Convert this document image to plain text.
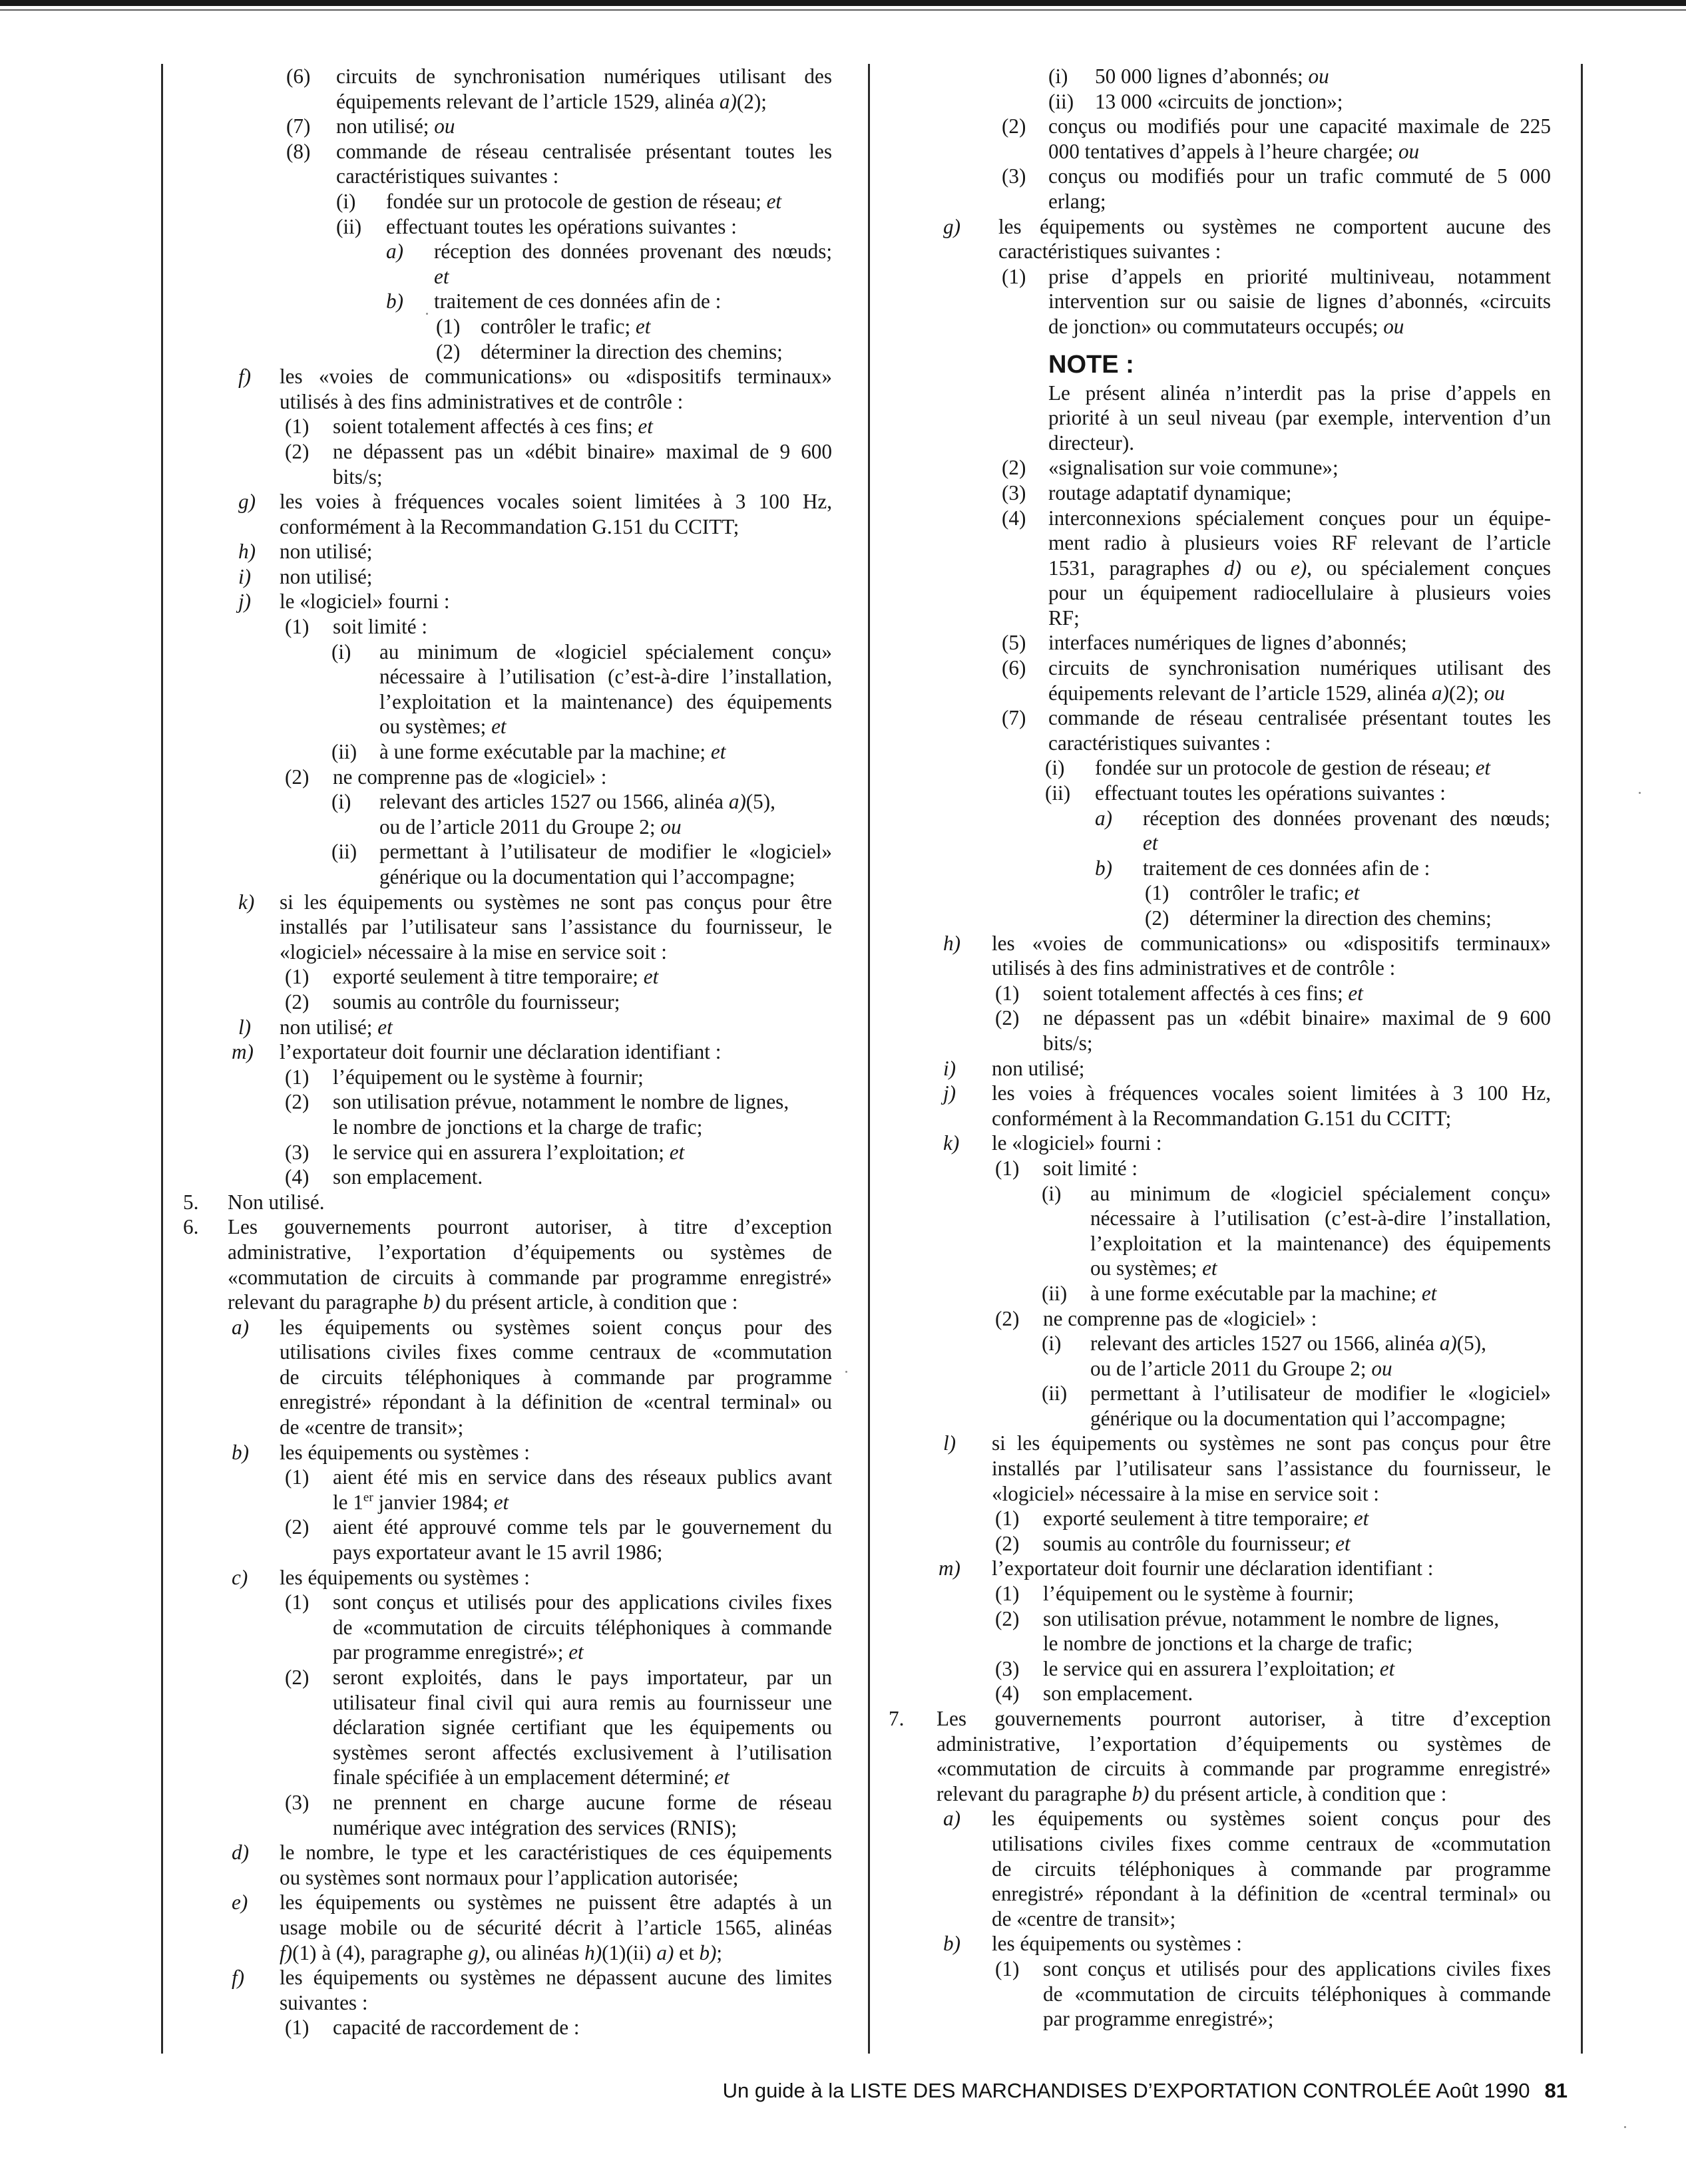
(6) circuits de synchronisation numériques utilisant des
équipements relevant de l’article 1529, alinéa a)(2);
(7) non utilisé; ou
(8) commande de réseau centralisée présentant toutes les
caractéristiques suivantes :
(i) fondée sur un protocole de gestion de réseau; et
(ii) effectuant toutes les opérations suivantes :
a) réception des données provenant des nœuds;
et
b) traitement de ces données afin de :
(1) contrôler le trafic; et
(2) déterminer la direction des chemins;
f) les «voies de communications» ou «dispositifs terminaux»
utilisés à des fins administratives et de contrôle :
(1) soient totalement affectés à ces fins; et
(2) ne dépassent pas un «débit binaire» maximal de 9 600
bits/s;
g) les voies à fréquences vocales soient limitées à 3 100 Hz,
conformément à la Recommandation G.151 du CCITT;
h) non utilisé;
i) non utilisé;
j) le «logiciel» fourni :
(1) soit limité :
(i) au minimum de «logiciel spécialement conçu»
nécessaire à l’utilisation (c’est-à-dire l’installation,
l’exploitation et la maintenance) des équipements
ou systèmes; et
(ii) à une forme exécutable par la machine; et
(2) ne comprenne pas de «logiciel» :
(i) relevant des articles 1527 ou 1566, alinéa a)(5),
ou de l’article 2011 du Groupe 2; ou
(ii) permettant à l’utilisateur de modifier le «logiciel»
générique ou la documentation qui l’accompagne;
k) si les équipements ou systèmes ne sont pas conçus pour être
installés par l’utilisateur sans l’assistance du fournisseur, le
«logiciel» nécessaire à la mise en service soit :
(1) exporté seulement à titre temporaire; et
(2) soumis au contrôle du fournisseur;
l) non utilisé; et
m) l’exportateur doit fournir une déclaration identifiant :
(1) l’équipement ou le système à fournir;
(2) son utilisation prévue, notamment le nombre de lignes,
le nombre de jonctions et la charge de trafic;
(3) le service qui en assurera l’exploitation; et
(4) son emplacement.
5. Non utilisé.
6. Les gouvernements pourront autoriser, à titre d’exception
administrative, l’exportation d’équipements ou systèmes de
«commutation de circuits à commande par programme enregistré»
relevant du paragraphe b) du présent article, à condition que :
a) les équipements ou systèmes soient conçus pour des
utilisations civiles fixes comme centraux de «commutation
de circuits téléphoniques à commande par programme
enregistré» répondant à la définition de «central terminal» ou
de «centre de transit»;
b) les équipements ou systèmes :
(1) aient été mis en service dans des réseaux publics avant
le 1er janvier 1984; et
(2) aient été approuvé comme tels par le gouvernement du
pays exportateur avant le 15 avril 1986;
c) les équipements ou systèmes :
(1) sont conçus et utilisés pour des applications civiles fixes
de «commutation de circuits téléphoniques à commande
par programme enregistré»; et
(2) seront exploités, dans le pays importateur, par un
utilisateur final civil qui aura remis au fournisseur une
déclaration signée certifiant que les équipements ou
systèmes seront affectés exclusivement à l’utilisation
finale spécifiée à un emplacement déterminé; et
(3) ne prennent en charge aucune forme de réseau
numérique avec intégration des services (RNIS);
d) le nombre, le type et les caractéristiques de ces équipements
ou systèmes sont normaux pour l’application autorisée;
e) les équipements ou systèmes ne puissent être adaptés à un
usage mobile ou de sécurité décrit à l’article 1565, alinéas
f)(1) à (4), paragraphe g), ou alinéas h)(1)(ii) a) et b);
f) les équipements ou systèmes ne dépassent aucune des limites
suivantes :
(1) capacité de raccordement de :
(i) 50 000 lignes d’abonnés; ou
(ii) 13 000 «circuits de jonction»;
(2) conçus ou modifiés pour une capacité maximale de 225
000 tentatives d’appels à l’heure chargée; ou
(3) conçus ou modifiés pour un trafic commuté de 5 000
erlang;
g) les équipements ou systèmes ne comportent aucune des
caractéristiques suivantes :
(1) prise d’appels en priorité multiniveau, notamment
intervention sur ou saisie de lignes d’abonnés, «circuits
de jonction» ou commutateurs occupés; ou
NOTE :
Le présent alinéa n’interdit pas la prise d’appels en
priorité à un seul niveau (par exemple, intervention d’un
directeur).
(2) «signalisation sur voie commune»;
(3) routage adaptatif dynamique;
(4) interconnexions spécialement conçues pour un équipe-
ment radio à plusieurs voies RF relevant de l’article
1531, paragraphes d) ou e), ou spécialement conçues
pour un équipement radiocellulaire à plusieurs voies
RF;
(5) interfaces numériques de lignes d’abonnés;
(6) circuits de synchronisation numériques utilisant des
équipements relevant de l’article 1529, alinéa a)(2); ou
(7) commande de réseau centralisée présentant toutes les
caractéristiques suivantes :
(i) fondée sur un protocole de gestion de réseau; et
(ii) effectuant toutes les opérations suivantes :
a) réception des données provenant des nœuds;
et
b) traitement de ces données afin de :
(1) contrôler le trafic; et
(2) déterminer la direction des chemins;
h) les «voies de communications» ou «dispositifs terminaux»
utilisés à des fins administratives et de contrôle :
(1) soient totalement affectés à ces fins; et
(2) ne dépassent pas un «débit binaire» maximal de 9 600
bits/s;
i) non utilisé;
j) les voies à fréquences vocales soient limitées à 3 100 Hz,
conformément à la Recommandation G.151 du CCITT;
k) le «logiciel» fourni :
(1) soit limité :
(i) au minimum de «logiciel spécialement conçu»
nécessaire à l’utilisation (c’est-à-dire l’installation,
l’exploitation et la maintenance) des équipements
ou systèmes; et
(ii) à une forme exécutable par la machine; et
(2) ne comprenne pas de «logiciel» :
(i) relevant des articles 1527 ou 1566, alinéa a)(5),
ou de l’article 2011 du Groupe 2; ou
(ii) permettant à l’utilisateur de modifier le «logiciel»
générique ou la documentation qui l’accompagne;
l) si les équipements ou systèmes ne sont pas conçus pour être
installés par l’utilisateur sans l’assistance du fournisseur, le
«logiciel» nécessaire à la mise en service soit :
(1) exporté seulement à titre temporaire; et
(2) soumis au contrôle du fournisseur; et
m) l’exportateur doit fournir une déclaration identifiant :
(1) l’équipement ou le système à fournir;
(2) son utilisation prévue, notamment le nombre de lignes,
le nombre de jonctions et la charge de trafic;
(3) le service qui en assurera l’exploitation; et
(4) son emplacement.
7. Les gouvernements pourront autoriser, à titre d’exception
administrative, l’exportation d’équipements ou systèmes de
«commutation de circuits à commande par programme enregistré»
relevant du paragraphe b) du présent article, à condition que :
a) les équipements ou systèmes soient conçus pour des
utilisations civiles fixes comme centraux de «commutation
de circuits téléphoniques à commande par programme
enregistré» répondant à la définition de «central terminal» ou
de «centre de transit»;
b) les équipements ou systèmes :
(1) sont conçus et utilisés pour des applications civiles fixes
de «commutation de circuits téléphoniques à commande
par programme enregistré»;
Un guide à la LISTE DES MARCHANDISES D’EXPORTATION CONTROLÉE Août 1990 81
